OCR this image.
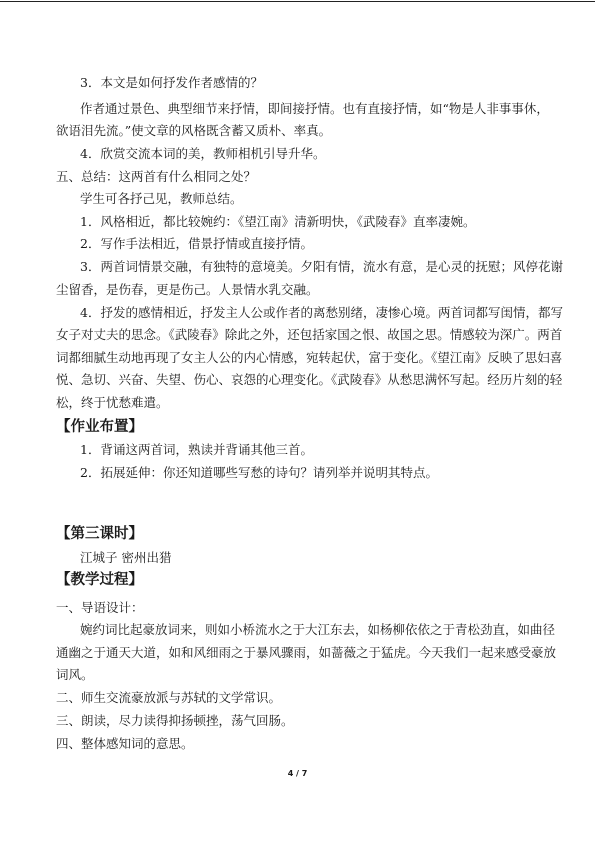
3．本文是如何抒发作者感情的？

作者通过景色、典型细节来抒情，即间接抒情。也有直接抒情，如“物是人非事事休，

欲语泪先流。”使文章的风格既含蓄又质朴、率真。

4．欣赏交流本词的美，教师相机引导升华。

五、总结：这两首有什么相同之处？

学生可各抒己见，教师总结。

1．风格相近，都比较婉约：《望江南》清新明快，《武陵春》直率凄婉。

2．写作手法相近，借景抒情或直接抒情。

3．两首词情景交融，有独特的意境美。夕阳有情，流水有意，是心灵的抚慰；风停花谢

尘留香，是伤春，更是伤己。人景情水乳交融。

4．抒发的感情相近，抒发主人公或作者的离愁别绪，凄惨心境。两首词都写闺情，都写

女子对丈夫的思念。《武陵春》除此之外，还包括家国之恨、故国之思。情感较为深广。两首

词都细腻生动地再现了女主人公的内心情感，宛转起伏，富于变化。《望江南》反映了思妇喜

悦、急切、兴奋、失望、伤心、哀怨的心理变化。《武陵春》从愁思满怀写起。经历片刻的轻

松，终于忧愁难遣。

【作业布置】

1．背诵这两首词，熟读并背诵其他三首。

2．拓展延伸：你还知道哪些写愁的诗句？请列举并说明其特点。

【第三课时】

江城子 密州出猎

【教学过程】

一、导语设计：

婉约词比起豪放词来，则如小桥流水之于大江东去，如杨柳依依之于青松劲直，如曲径

通幽之于通天大道，如和风细雨之于暴风骤雨，如蔷薇之于猛虎。今天我们一起来感受豪放

词风。

二、师生交流豪放派与苏轼的文学常识。

三、朗读，尽力读得抑扬顿挫，荡气回肠。

四、整体感知词的意思。

4 / 7
